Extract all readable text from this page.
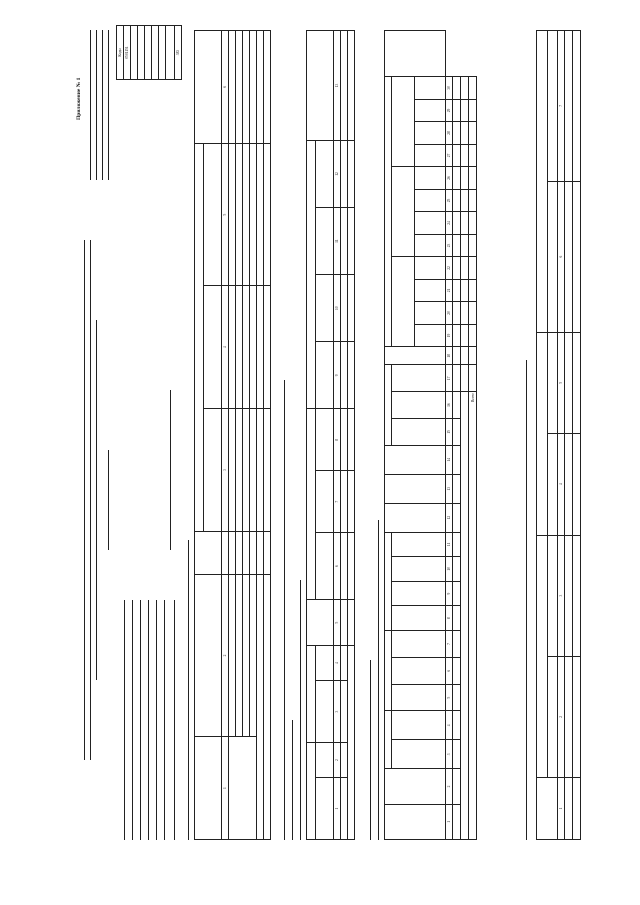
Приложение № 1
Коды
0501151

383

1	2		3	4	5	6

1	2	3	4	5	6	7	8	9	10	11	12	13

1	2	3	4	5	6	7	8	9	10	11	12	13	14	15	16	17	18	19	20	21	22	23	24	25	26	27	28	29	30	

Всего																														

1	2	3	4	5	6	7
